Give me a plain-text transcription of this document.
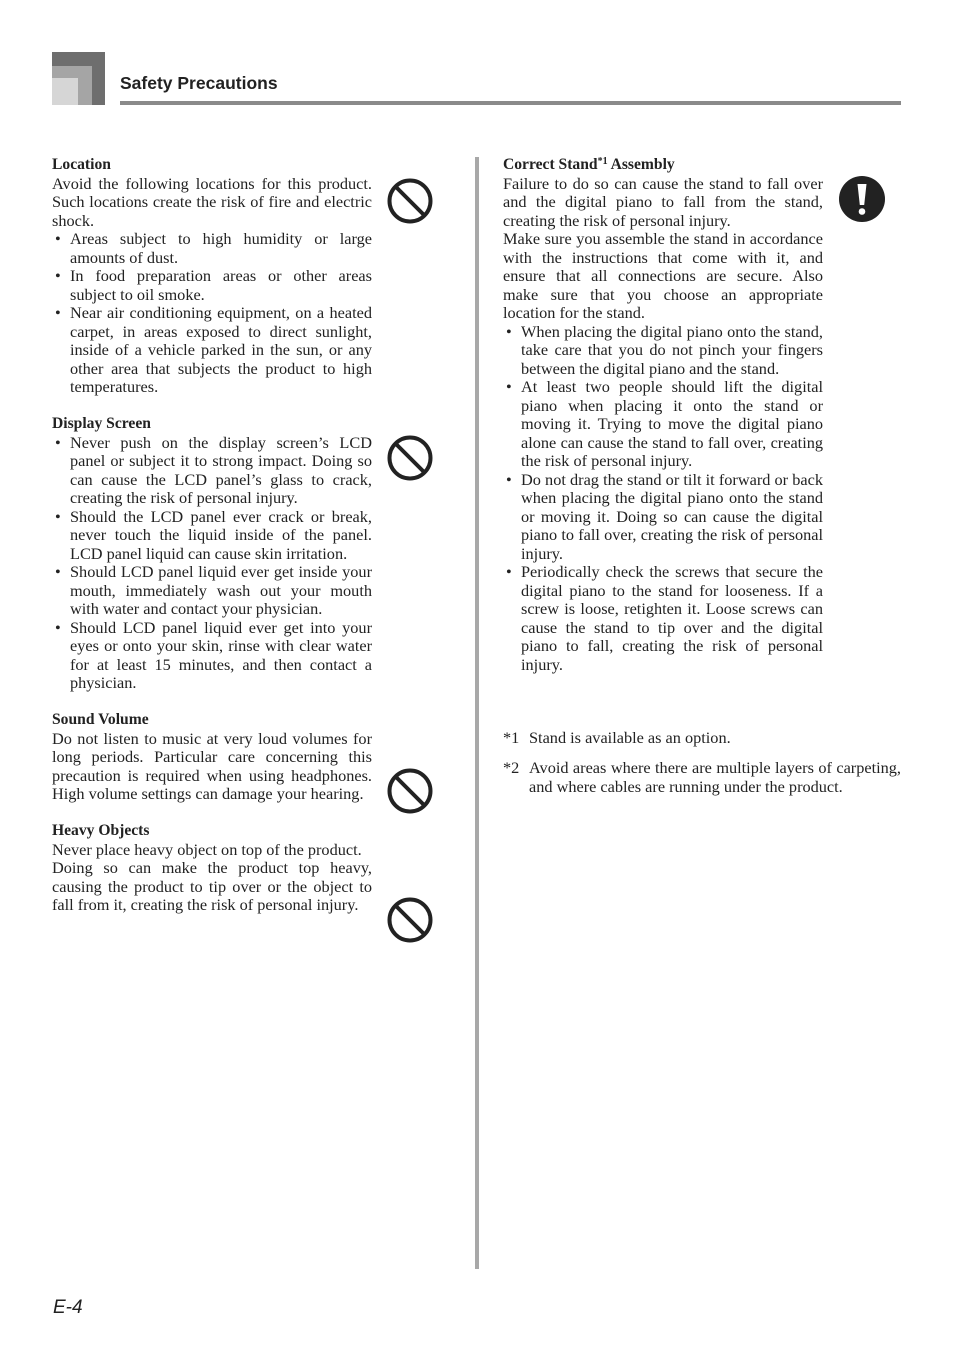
Safety Precautions
Location

Avoid the following locations for this product. Such locations create the risk of fire and electric shock.

• Areas subject to high humidity or large amounts of dust.
• In food preparation areas or other areas subject to oil smoke.
• Near air conditioning equipment, on a heated carpet, in areas exposed to direct sunlight, inside of a vehicle parked in the sun, or any other area that subjects the product to high temperatures.
Display Screen
• Never push on the display screen’s LCD panel or subject it to strong impact. Doing so can cause the LCD panel’s glass to crack, creating the risk of personal injury.
• Should the LCD panel ever crack or break, never touch the liquid inside of the panel. LCD panel liquid can cause skin irritation.
• Should LCD panel liquid ever get inside your mouth, immediately wash out your mouth with water and contact your physician.
• Should LCD panel liquid ever get into your eyes or onto your skin, rinse with clear water for at least 15 minutes, and then contact a physician.
Sound Volume

Do not listen to music at very loud volumes for long periods. Particular care concerning this precaution is required when using headphones. High volume settings can damage your hearing.

Heavy Objects

Never place heavy object on top of the product.

Doing so can make the product top heavy, causing the product to tip over or the object to fall from it, creating the risk of personal injury.

Correct Stand$^{*1}$ Assembly

Failure to do so can cause the stand to fall over and the digital piano to fall from the stand, creating the risk of personal injury.

Make sure you assemble the stand in accordance with the instructions that come with it, and ensure that all connections are secure. Also make sure that you choose an appropriate location for the stand.

• When placing the digital piano onto the stand, take care that you do not pinch your fingers between the digital piano and the stand.
• At least two people should lift the digital piano when placing it onto the stand or moving it. Trying to move the digital piano alone can cause the stand to fall over, creating the risk of personal injury.
• Do not drag the stand or tilt it forward or back when placing the digital piano onto the stand or moving it. Doing so can cause the digital piano to fall over, creating the risk of personal injury.
• Periodically check the screws that secure the digital piano to the stand for looseness. If a screw is loose, retighten it. Loose screws can cause the stand to tip over and the digital piano to fall, creating the risk of personal injury.
*1 Stand is available as an option.
*2 Avoid areas where there are multiple layers of carpeting, and where cables are running under the product.
E-4
